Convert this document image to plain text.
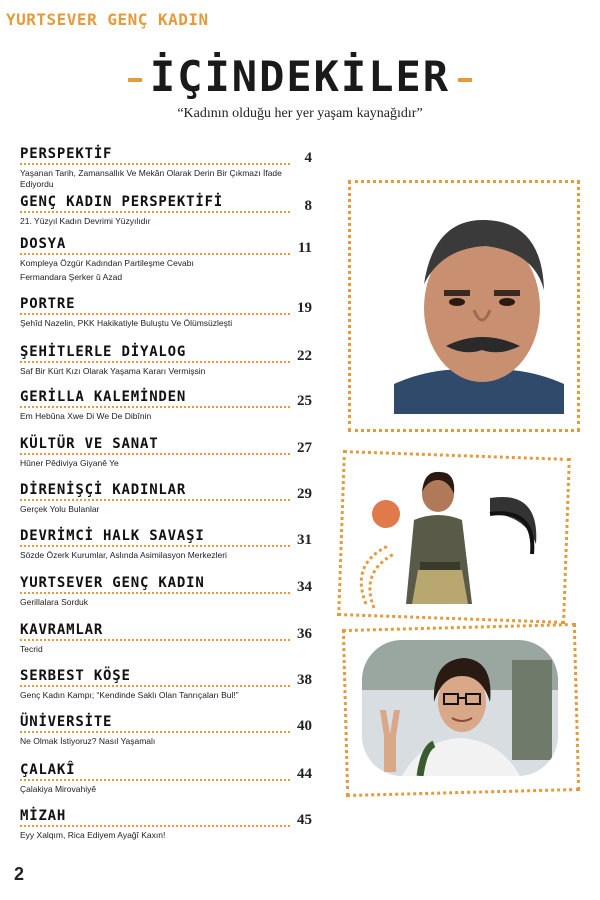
YURTSEVER GENÇ KADIN
İÇİNDEKİLER
“Kadının olduğu her yer yaşam kaynağıdır”
PERSPEKTİF
Yaşanan Tarih, Zamansallık Ve Mekân Olarak Derin Bir Çıkmazı İfade Ediyordu
4
GENÇ KADIN PERSPEKTİFİ
21. Yüzyıl Kadın Devrimi Yüzyılıdır
8
DOSYA
Kompleya Özgür Kadından Partileşme Cevabı
Fermandara Şerker û Azad
11
PORTRE
Şehîd Nazelin, PKK Hakikatiyle Buluştu Ve Ölümsüzleşti
19
ŞEHİTLERLE DİYALOG
Saf Bir Kürt Kızı Olarak Yaşama Kararı Vermişsin
22
GERİLLA KALEMİNDEN
Em Hebûna Xwe Di We De Dibînin
25
KÜLTÜR VE SANAT
Hûner Pêdiviya Giyanê Ye
27
DİRENİŞÇİ KADINLAR
Gerçek Yolu Bulanlar
29
DEVRİMCİ HALK SAVAŞI
Sözde Özerk Kurumlar, Aslında Asimilasyon Merkezleri
31
YURTSEVER GENÇ KADIN
Gerillalara Sorduk
34
KAVRAMLAR
Tecrid
36
SERBEST KÖŞE
Genç Kadın Kampı; “Kendinde Saklı Olan Tanrıçaları Bul!”
38
ÜNİVERSİTE
Ne Olmak İstiyoruz? Nasıl Yaşamalı
40
ÇALAKÎ
Çalakiya Mirovahiyê
44
MİZAH
Eyy Xalqım, Rica Ediyem Ayağî Kaxın!
45
2
